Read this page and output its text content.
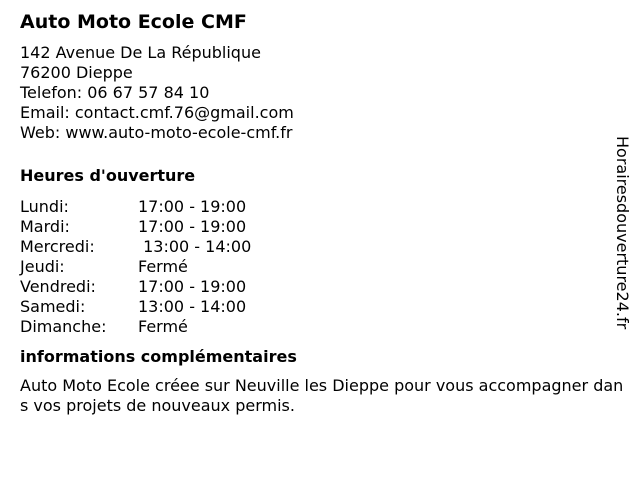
Auto Moto Ecole CMF
142 Avenue De La République
76200 Dieppe
Telefon: 06 67 57 84 10
Email: contact.cmf.76@gmail.com
Web: www.auto-moto-ecole-cmf.fr
Heures d'ouverture
Lundi:	17:00 - 19:00
Mardi:	17:00 - 19:00
Mercredi:	13:00 - 14:00
Jeudi:	Fermé
Vendredi:	17:00 - 19:00
Samedi:	13:00 - 14:00
Dimanche:	Fermé
informations complémentaires

Auto Moto Ecole créee sur Neuville les Dieppe pour vous accompagner dans vos projets de nouveaux permis.

Horairesdouverture24.fr
